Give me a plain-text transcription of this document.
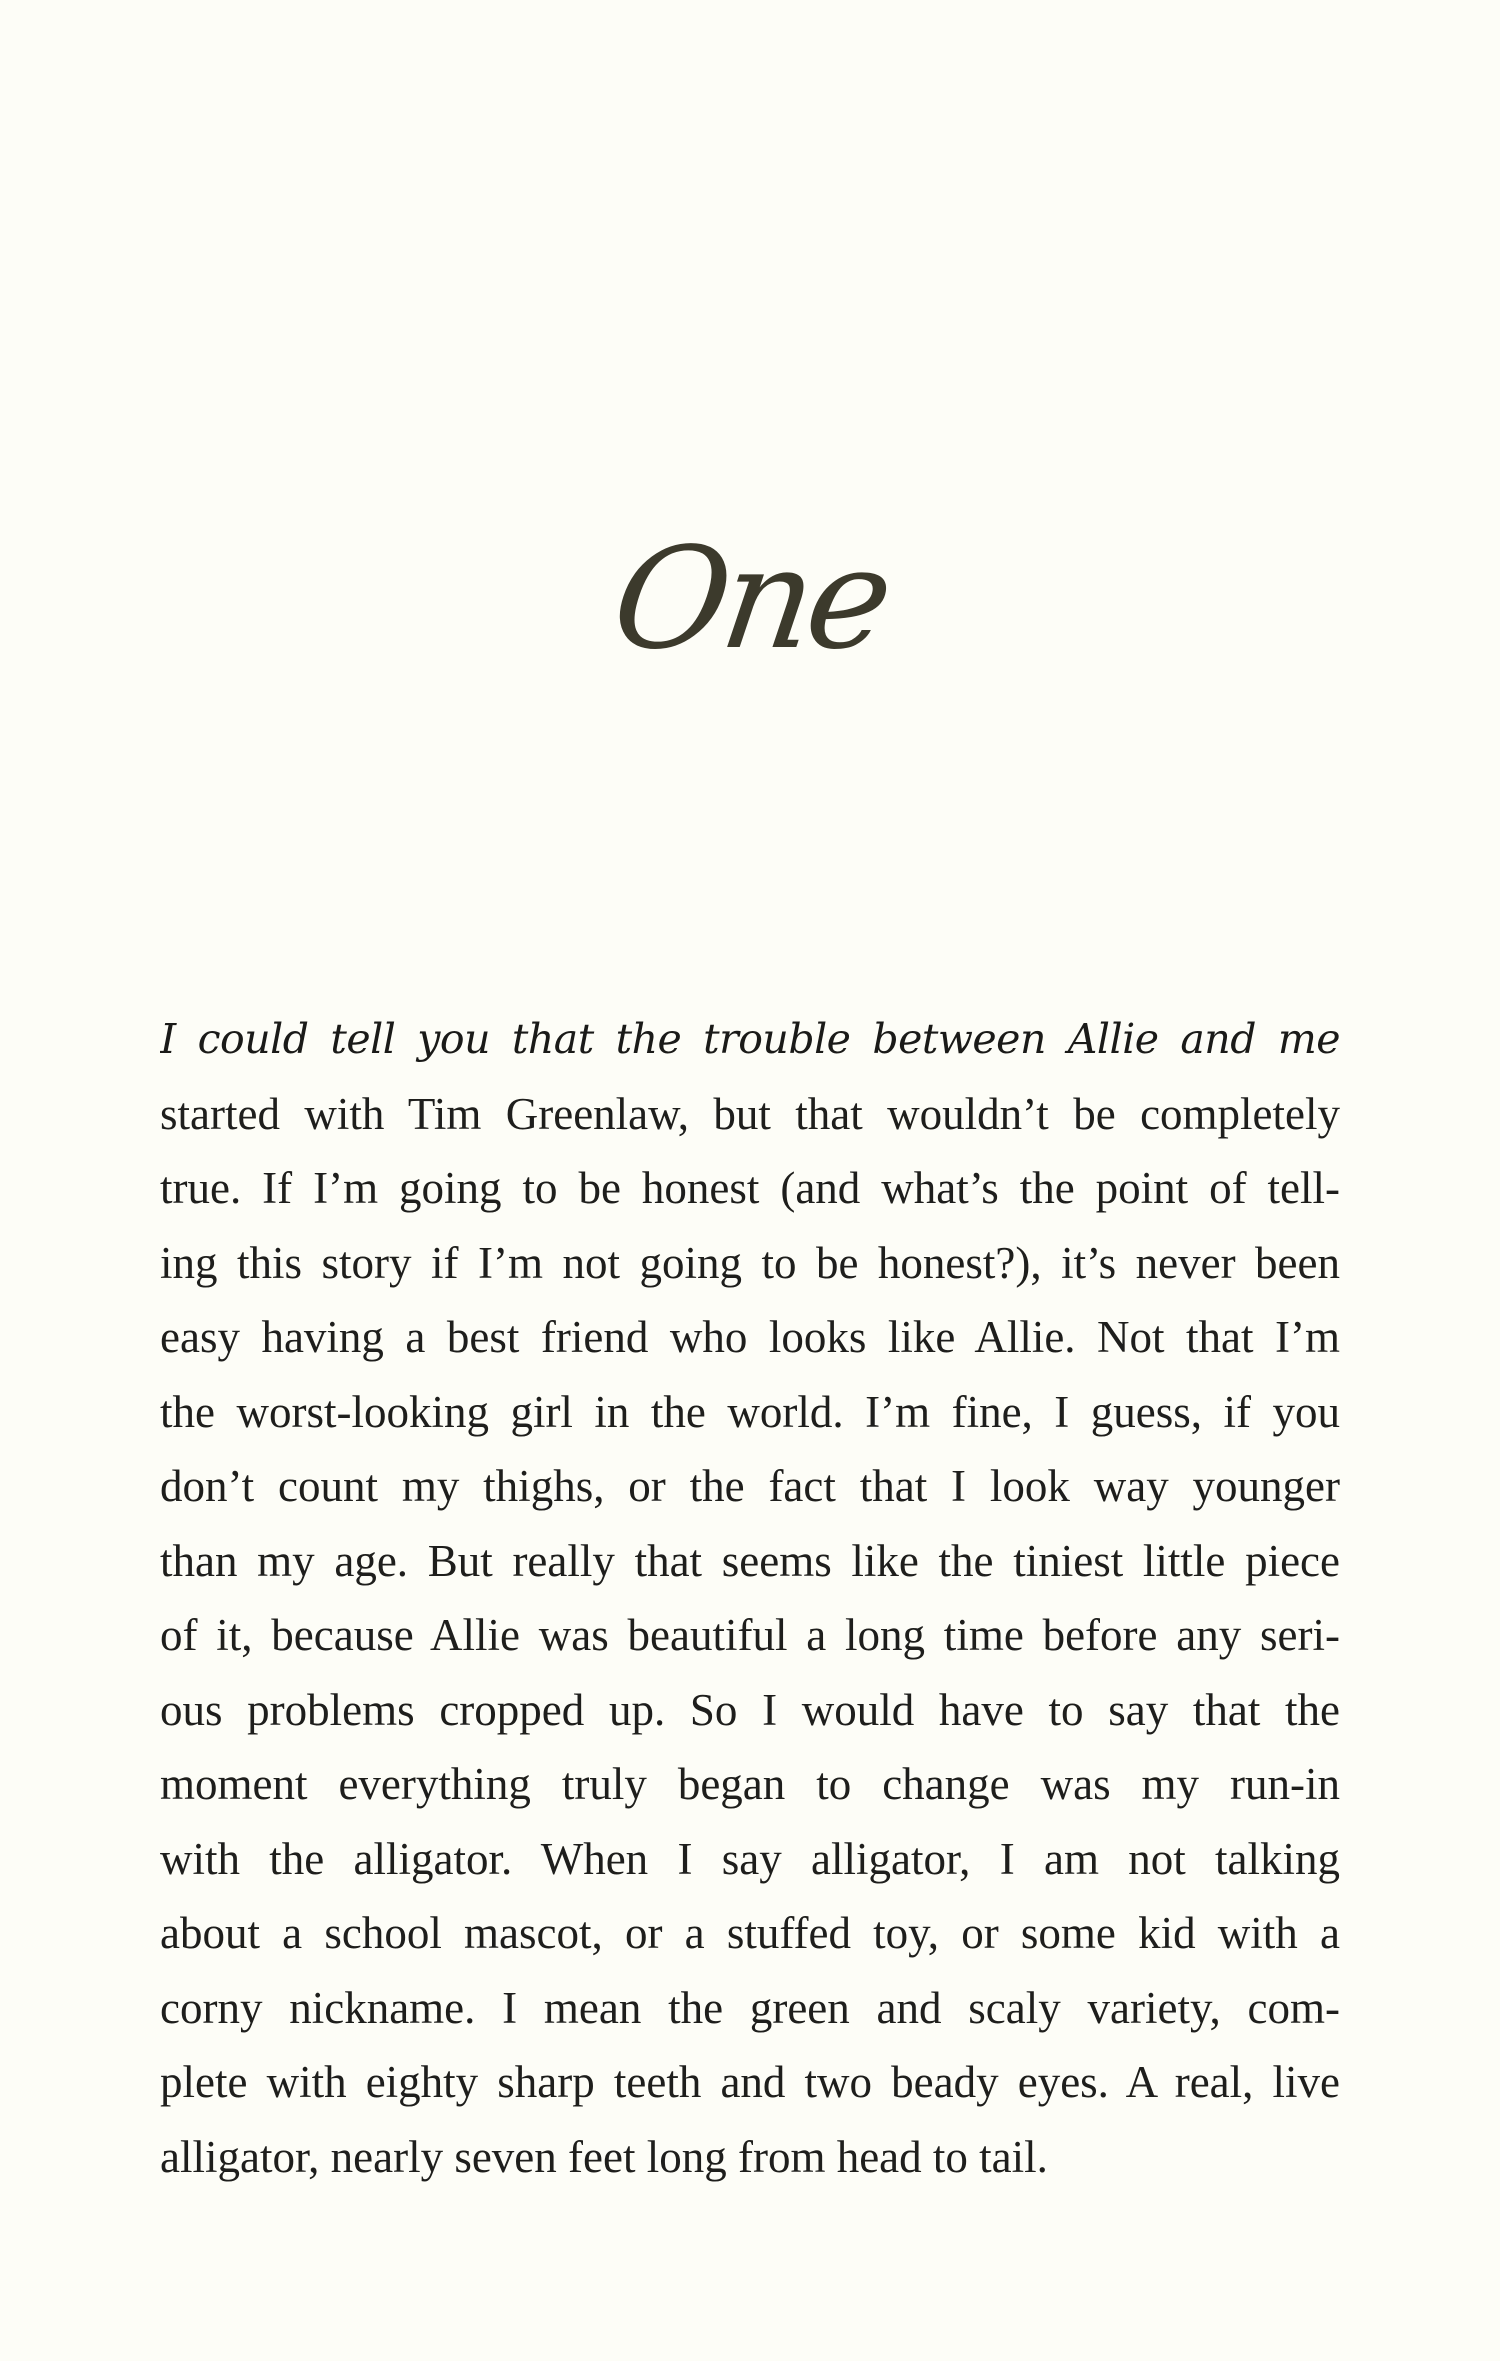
One
I could tell you that the trouble between Allie and me
started with Tim Greenlaw, but that wouldn’t be completely
true. If I’m going to be honest (and what’s the point of tell-
ing this story if I’m not going to be honest?), it’s never been
easy having a best friend who looks like Allie. Not that I’m
the worst-looking girl in the world. I’m fine, I guess, if you
don’t count my thighs, or the fact that I look way younger
than my age. But really that seems like the tiniest little piece
of it, because Allie was beautiful a long time before any seri-
ous problems cropped up. So I would have to say that the
moment everything truly began to change was my run-in
with the alligator. When I say alligator, I am not talking
about a school mascot, or a stuffed toy, or some kid with a
corny nickname. I mean the green and scaly variety, com-
plete with eighty sharp teeth and two beady eyes. A real, live
alligator, nearly seven feet long from head to tail.
